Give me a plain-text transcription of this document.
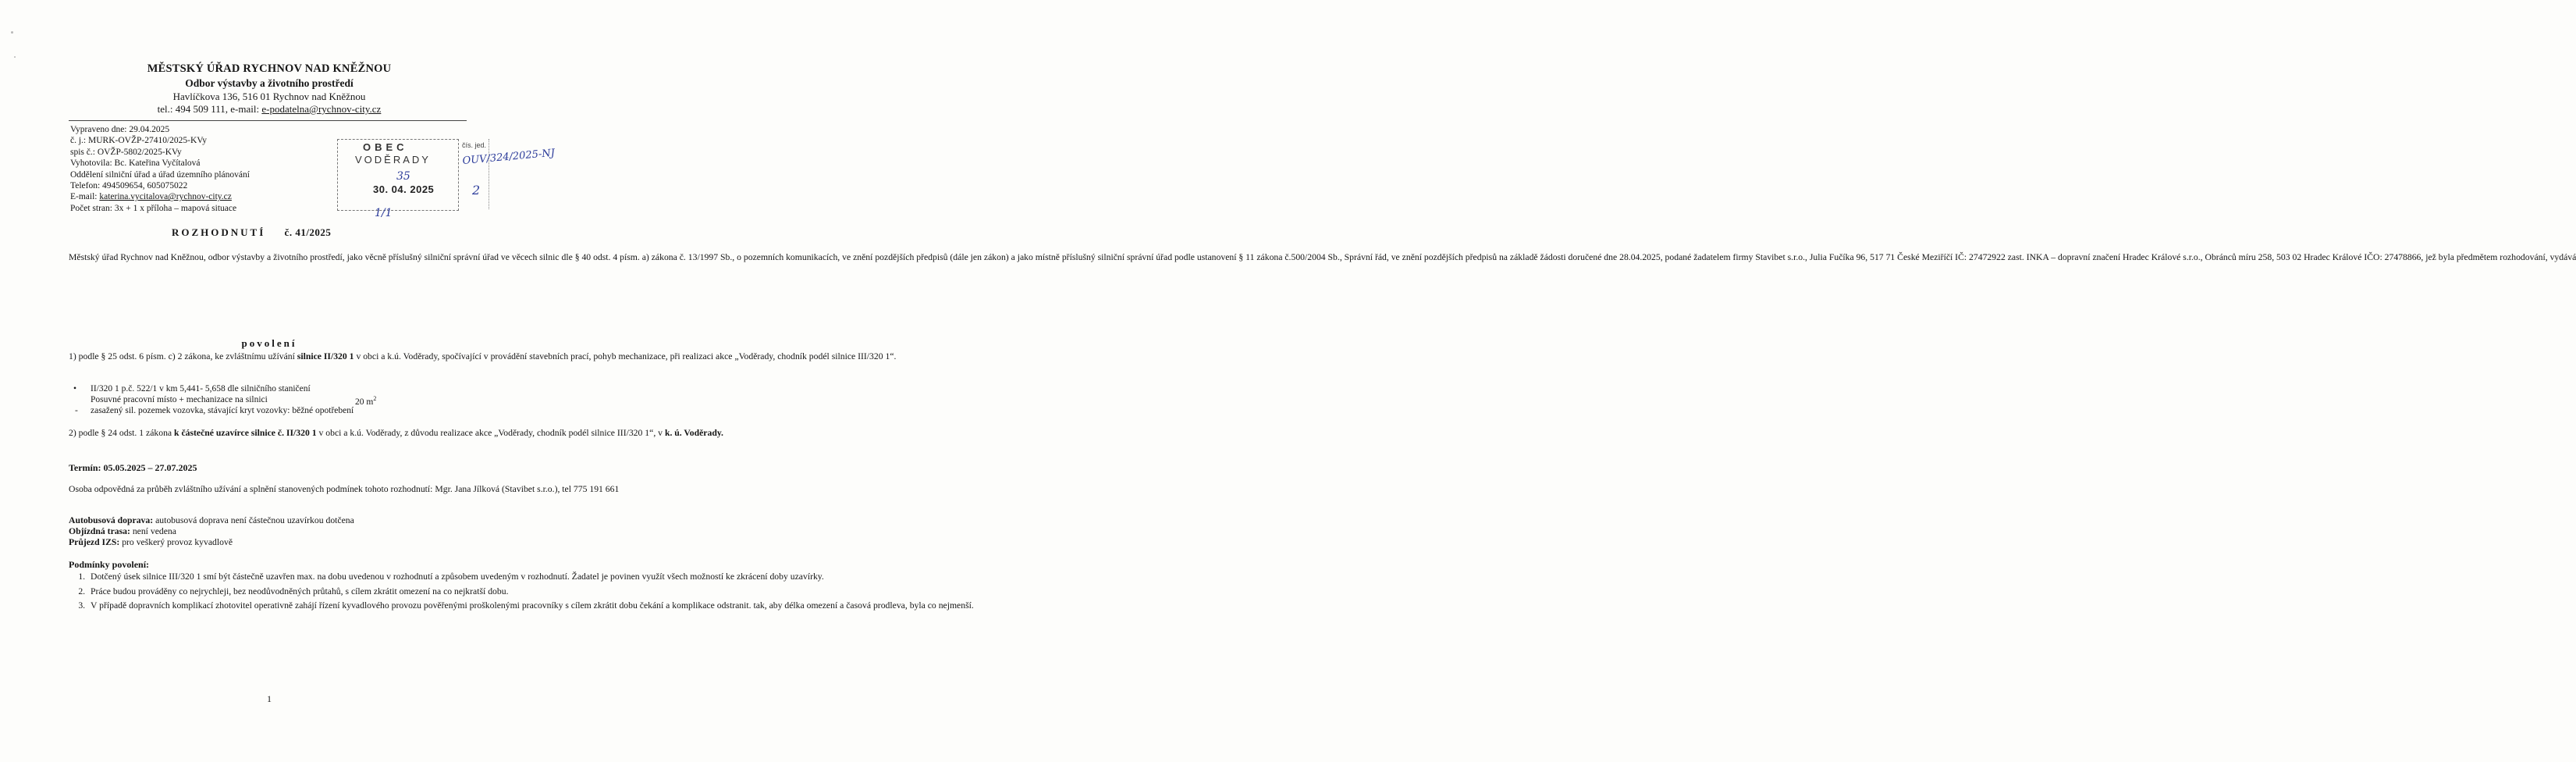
MĚSTSKÝ ÚŘAD RYCHNOV NAD KNĚŽNOU
Odbor výstavby a životního prostředí
Havlíčkova 136, 516 01 Rychnov nad Kněžnou
tel.: 494 509 111, e-mail: e-podatelna@rychnov-city.cz
Vypraveno dne: 29.04.2025
č. j.: MURK-OVŽP-27410/2025-KVy
spis č.: OVŽP-5802/2025-KVy
Vyhotovila: Bc. Kateřina Vyčítalová
Oddělení silniční úřad a úřad územního plánování
Telefon: 494509654, 605075022
E-mail: katerina.vycitalova@rychnov-city.cz
Počet stran: 3x + 1 x příloha – mapová situace
OBEC
VODĚRADY
čís. jed.
30. 04. 2025
OUV/324/2025-NJ
35
2
1/1
ROZHODNUTÍ č. 41/2025

Městský úřad Rychnov nad Kněžnou, odbor výstavby a životního prostředí, jako věcně příslušný silniční správní úřad ve věcech silnic dle § 40 odst. 4 písm. a) zákona č. 13/1997 Sb., o pozemních komunikacích, ve znění pozdějších předpisů (dále jen zákon) a jako místně příslušný silniční správní úřad podle ustanovení § 11 zákona č.500/2004 Sb., Správní řád, ve znění pozdějších předpisů na základě žádosti doručené dne 28.04.2025, podané žadatelem firmy Stavibet s.r.o., Julia Fučíka 96, 517 71 České Meziříčí IČ: 27472922 zast. INKA – dopravní značení Hradec Králové s.r.o., Obránců míru 258, 503 02 Hradec Králové IČO: 27478866, jež byla předmětem rozhodování, vydává

povolení

1) podle § 25 odst. 6 písm. c) 2 zákona, ke zvláštnímu užívání silnice II/320 1 v obci a k.ú. Voděrady, spočívající v provádění stavebních prací, pohyb mechanizace, při realizaci akce „Voděrady, chodník podél silnice III/320 1“.

• II/320 1 p.č. 522/1 v km 5,441- 5,658 dle silničního staničení
Posuvné pracovní místo + mechanizace na silnici	20 $m^2$
- zasažený sil. pozemek vozovka, stávající kryt vozovky: běžné opotřebení

2) podle § 24 odst. 1 zákona k částečné uzavírce silnice č. II/320 1 v obci a k.ú. Voděrady, z důvodu realizace akce „Voděrady, chodník podél silnice III/320 1“, v k. ú. Voděrady.

Termín: 05.05.2025 – 27.07.2025

Osoba odpovědná za průběh zvláštního užívání a splnění stanovených podmínek tohoto rozhodnutí: Mgr. Jana Jílková (Stavibet s.r.o.), tel 775 191 661

Autobusová doprava: autobusová doprava není částečnou uzavírkou dotčena
Objízdná trasa: není vedena
Průjezd IZS: pro veškerý provoz kyvadlově
Podmínky povolení:
1. Dotčený úsek silnice III/320 1 smí být částečně uzavřen max. na dobu uvedenou v rozhodnutí a způsobem uvedeným v rozhodnutí. Žadatel je povinen využít všech možností ke zkrácení doby uzavírky.
2. Práce budou prováděny co nejrychleji, bez neodůvodněných průtahů, s cílem zkrátit omezení na co nejkratší dobu.
3. V případě dopravních komplikací zhotovitel operativně zahájí řízení kyvadlového provozu pověřenými proškolenými pracovníky s cílem zkrátit dobu čekání a komplikace odstranit. tak, aby délka omezení a časová prodleva, byla co nejmenší.
1
